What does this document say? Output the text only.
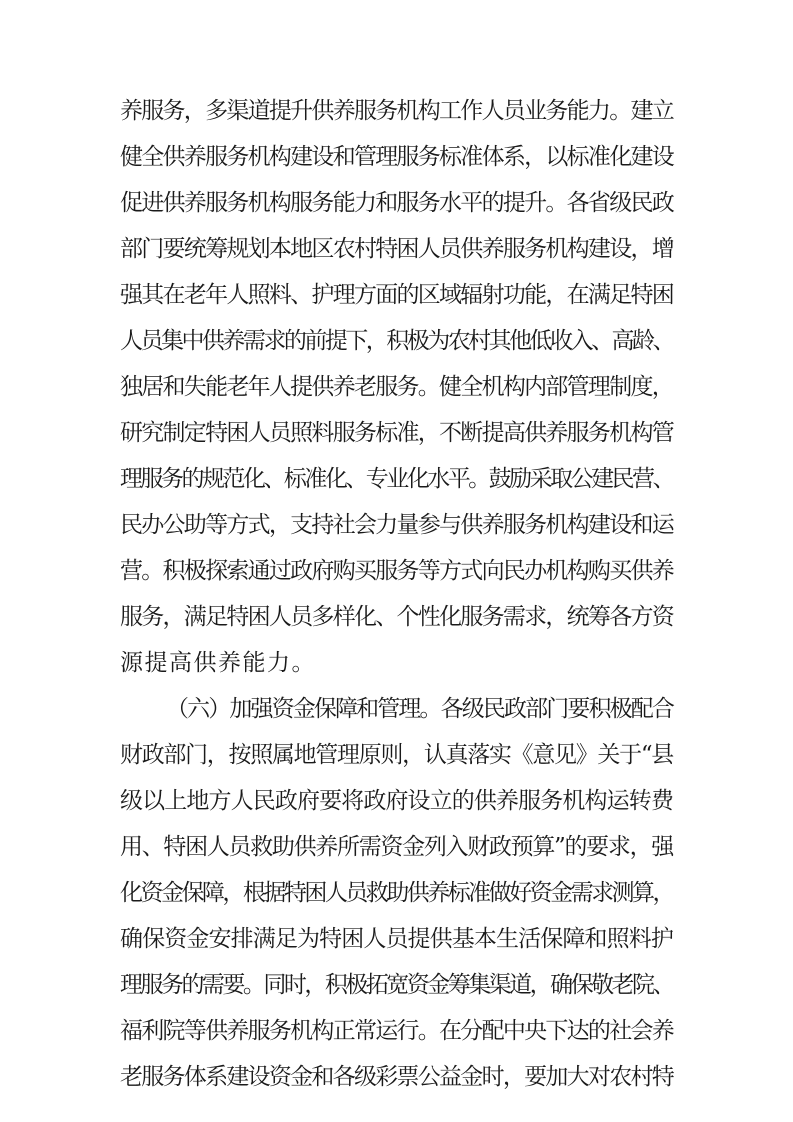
养服务，多渠道提升供养服务机构工作人员业务能力。建立
健全供养服务机构建设和管理服务标准体系，以标准化建设
促进供养服务机构服务能力和服务水平的提升。各省级民政
部门要统筹规划本地区农村特困人员供养服务机构建设，增
强其在老年人照料、护理方面的区域辐射功能，在满足特困
人员集中供养需求的前提下，积极为农村其他低收入、高龄、
独居和失能老年人提供养老服务。健全机构内部管理制度，
研究制定特困人员照料服务标准，不断提高供养服务机构管
理服务的规范化、标准化、专业化水平。鼓励采取公建民营、
民办公助等方式，支持社会力量参与供养服务机构建设和运
营。积极探索通过政府购买服务等方式向民办机构购买供养
服务，满足特困人员多样化、个性化服务需求，统筹各方资
源提高供养能力。
（六）加强资金保障和管理。各级民政部门要积极配合
财政部门，按照属地管理原则，认真落实《意见》关于“县
级以上地方人民政府要将政府设立的供养服务机构运转费
用、特困人员救助供养所需资金列入财政预算”的要求，强
化资金保障，根据特困人员救助供养标准做好资金需求测算，
确保资金安排满足为特困人员提供基本生活保障和照料护
理服务的需要。同时，积极拓宽资金筹集渠道，确保敬老院、
福利院等供养服务机构正常运行。在分配中央下达的社会养
老服务体系建设资金和各级彩票公益金时，要加大对农村特
